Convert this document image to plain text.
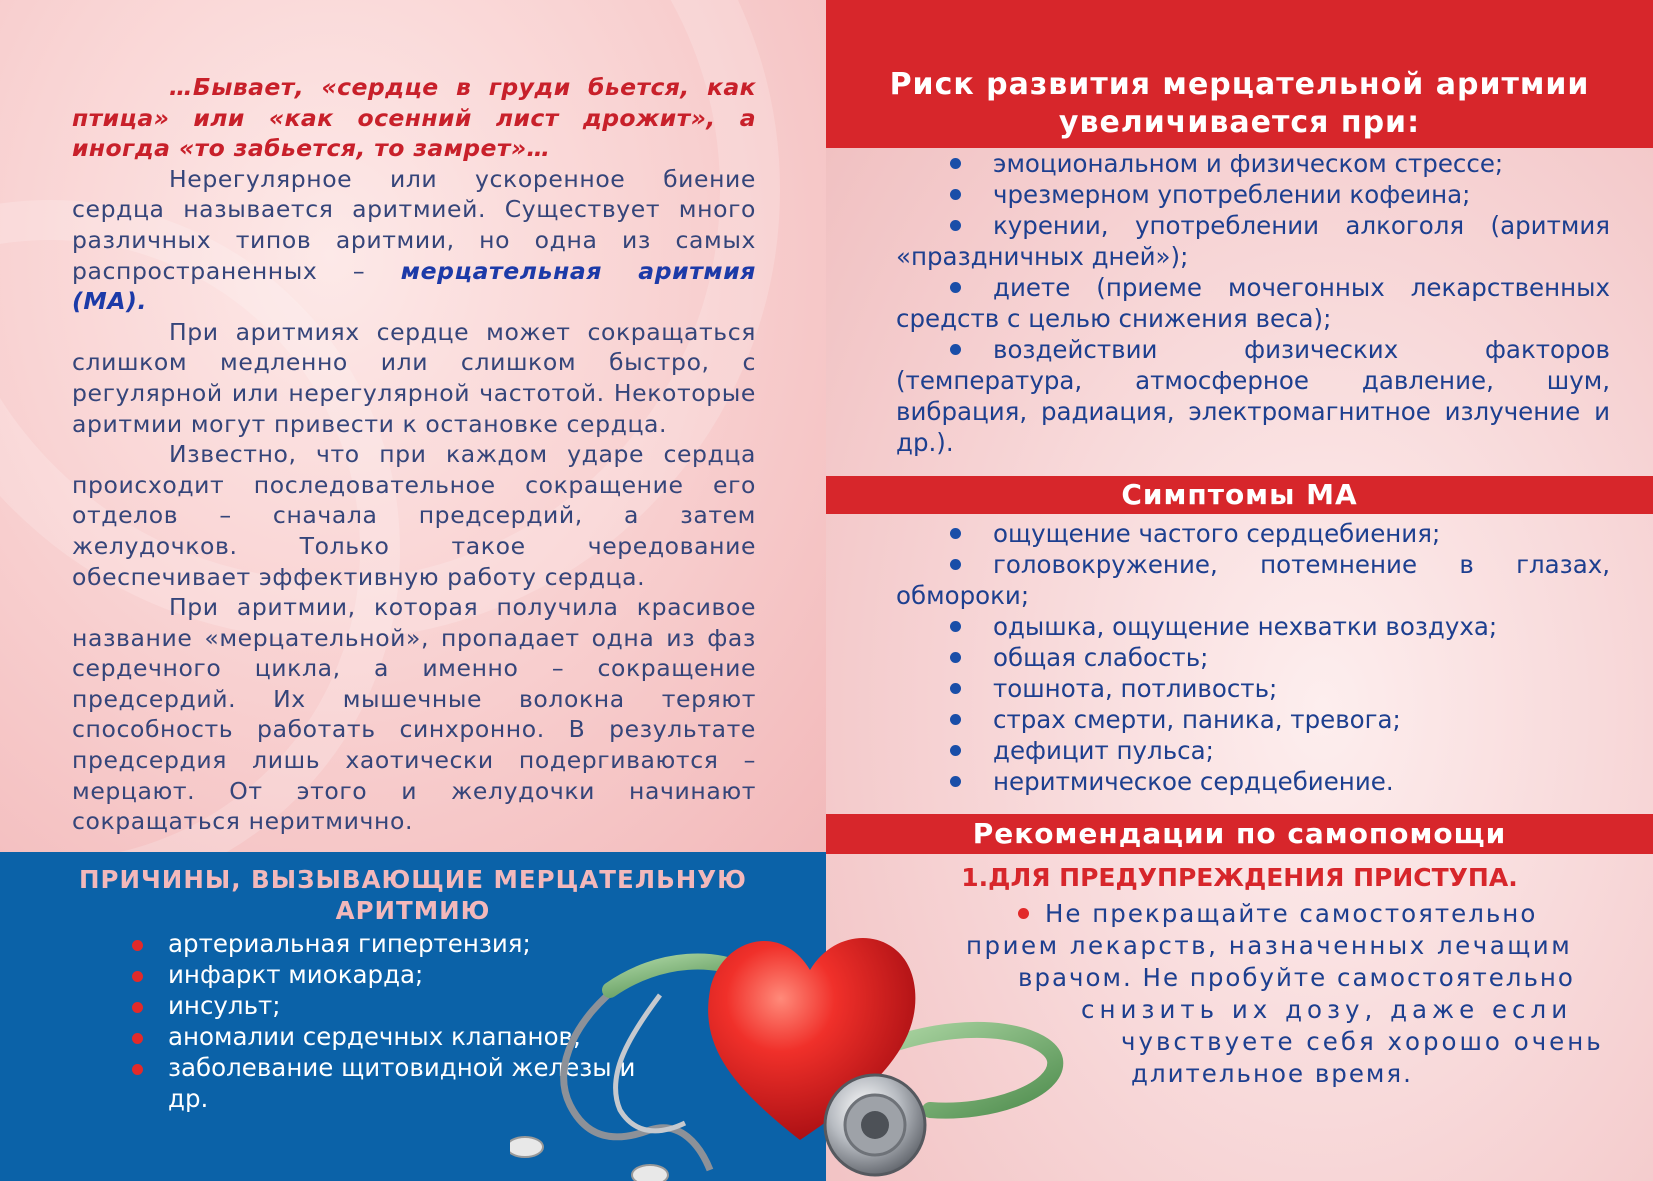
…Бывает, «сердце в груди бьется, как птица» или «как осенний лист дрожит», а иногда «то забьется, то замрет»…

Нерегулярное или ускоренное биение сердца называется аритмией. Существует много различных типов аритмии, но одна из самых распространенных – мерцательная аритмия (МА).

При аритмиях сердце может сокращаться слишком медленно или слишком быстро, с регулярной или нерегулярной частотой. Некоторые аритмии могут привести к остановке сердца.

Известно, что при каждом ударе сердца происходит последовательное сокращение его отделов – сначала предсердий, а затем желудочков. Только такое чередование обеспечивает эффективную работу сердца.

При аритмии, которая получила красивое название «мерцательной», пропадает одна из фаз сердечного цикла, а именно – сокращение предсердий. Их мышечные волокна теряют способность работать синхронно. В результате предсердия лишь хаотически подергиваются – мерцают. От этого и желудочки начинают сокращаться неритмично.

ПРИЧИНЫ, ВЫЗЫВАЮЩИЕ МЕРЦАТЕЛЬНУЮ АРИТМИЮ
артериальная гипертензия;
инфаркт миокарда;
инсульт;
аномалии сердечных клапанов;
заболевание щитовидной железы и др.
Риск развития мерцательной аритмии увеличивается при:
эмоциональном и физическом стрессе;
чрезмерном употреблении кофеина;
курении, употреблении алкоголя (аритмия «праздничных дней»);
диете (приеме мочегонных лекарственных средств с целью снижения веса);
воздействии физических факторов (температура, атмосферное давление, шум, вибрация, радиация, электромагнитное излучение и др.).
Симптомы МА
ощущение частого сердцебиения;
головокружение, потемнение в глазах, обмороки;
одышка, ощущение нехватки воздуха;
общая слабость;
тошнота, потливость;
страх смерти, паника, тревога;
дефицит пульса;
неритмическое сердцебиение.
Рекомендации по самопомощи
1.ДЛЯ ПРЕДУПРЕЖДЕНИЯ ПРИСТУПА.
Не прекращайте самостоятельно
прием лекарств, назначенных лечащим
врачом. Не пробуйте самостоятельно
снизить их дозу, даже если
чувствуете себя хорошо очень
длительное время.
